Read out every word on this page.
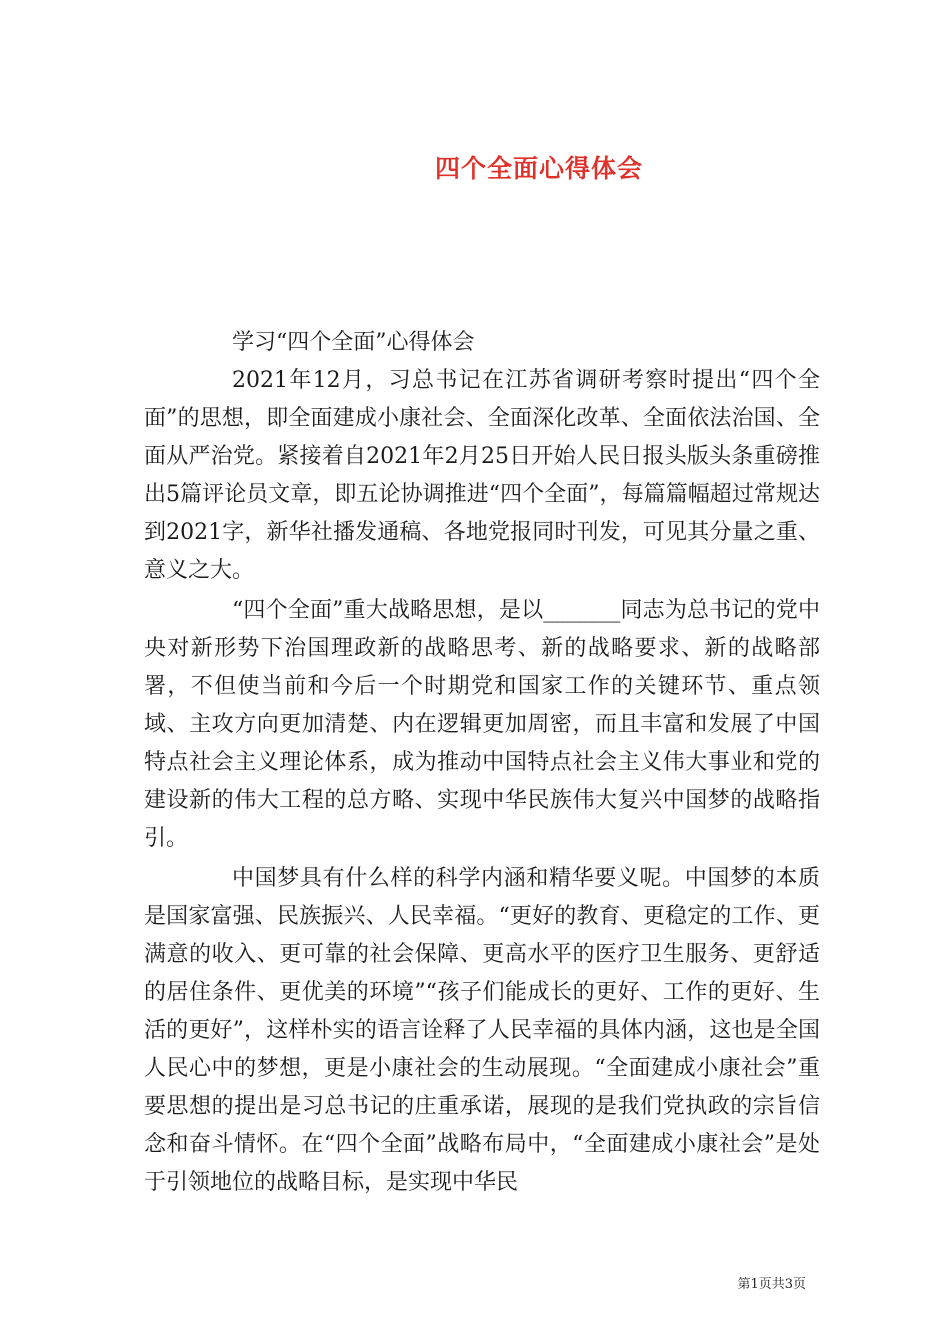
四个全面心得体会

学习“四个全面”心得体会

2021年12月，习总书记在江苏省调研考察时提出“四个全面”的思想，即全面建成小康社会、全面深化改革、全面依法治国、全面从严治党。紧接着自2021年2月25日开始人民日报头版头条重磅推出5篇评论员文章，即五论协调推进“四个全面”，每篇篇幅超过常规达到2021字，新华社播发通稿、各地党报同时刊发，可见其分量之重、意义之大。

“四个全面”重大战略思想，是以_______同志为总书记的党中央对新形势下治国理政新的战略思考、新的战略要求、新的战略部署，不但使当前和今后一个时期党和国家工作的关键环节、重点领域、主攻方向更加清楚、内在逻辑更加周密，而且丰富和发展了中国特点社会主义理论体系，成为推动中国特点社会主义伟大事业和党的建设新的伟大工程的总方略、实现中华民族伟大复兴中国梦的战略指引。

中国梦具有什么样的科学内涵和精华要义呢。中国梦的本质是国家富强、民族振兴、人民幸福。“更好的教育、更稳定的工作、更满意的收入、更可靠的社会保障、更高水平的医疗卫生服务、更舒适的居住条件、更优美的环境”“孩子们能成长的更好、工作的更好、生活的更好”，这样朴实的语言诠释了人民幸福的具体内涵，这也是全国人民心中的梦想，更是小康社会的生动展现。“全面建成小康社会”重要思想的提出是习总书记的庄重承诺，展现的是我们党执政的宗旨信念和奋斗情怀。在“四个全面”战略布局中，“全面建成小康社会”是处于引领地位的战略目标，是实现中华民

第1页共3页
